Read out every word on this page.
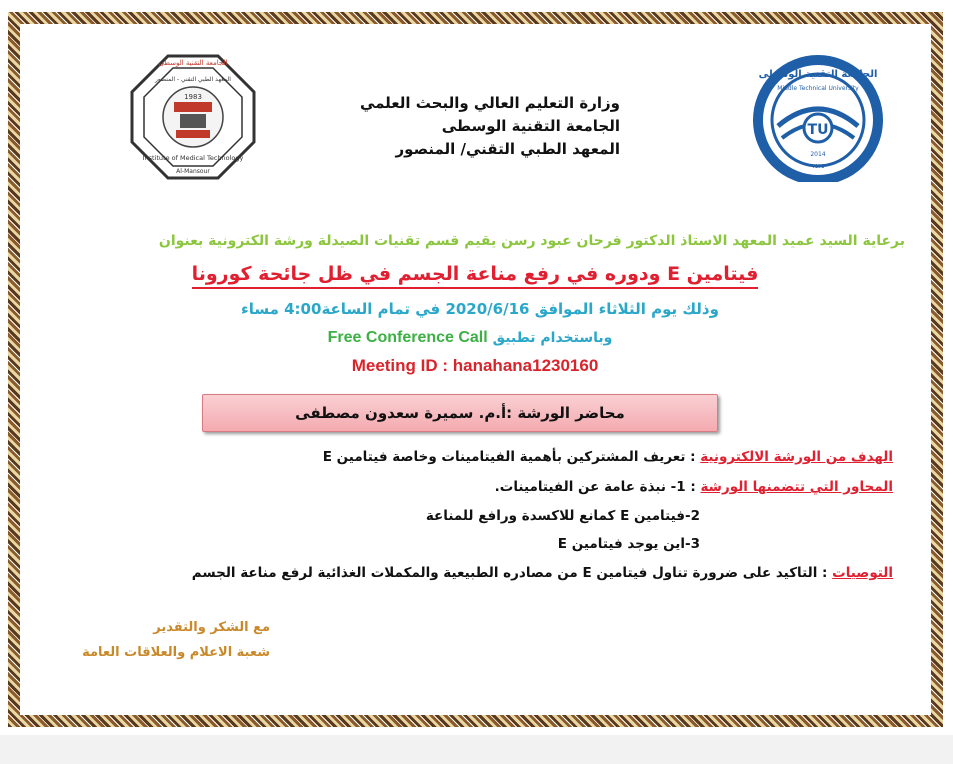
1983
الجامعة التقنية الوسطى
المعهد الطبي التقني - المنصور
Institute of Medical Technology
Al-Mansour
TU
الجامعة التقنية الوسطى
Middle Technical University
2014
١٤٣٥
وزارة التعليم العالي والبحث العلمي
الجامعة التقنية الوسطى
المعهد الطبي التقني/ المنصور
برعاية السيد عميد المعهد الاستاذ الدكتور فرحان عبود رسن يقيم قسم تقنيات الصيدلة ورشة الكترونية بعنوان
فيتامين E ودوره في رفع مناعة الجسم في ظل جائحة كورونا
وذلك يوم الثلاثاء الموافق 2020/6/16 في تمام الساعة4:00 مساء
وباستخدام تطبيق Free Conference Call
Meeting ID : hanahana1230160
محاضر الورشة :أ.م. سميرة سعدون مصطفى
الهدف من الورشة الالكترونية : تعريف المشتركين بأهمية الفيتامينات وخاصة فيتامين E
المحاور التي تتضمنها الورشة : 1- نبذة عامة عن الفيتامينات.
2-فيتامين E كمانع للاكسدة ورافع للمناعة
3-اين يوجد فيتامين E
التوصيات : التاكيد على ضرورة تناول فيتامين E من مصادره الطبيعية والمكملات الغذائية لرفع مناعة الجسم
مع الشكر والتقدير
شعبة الاعلام والعلاقات العامة
